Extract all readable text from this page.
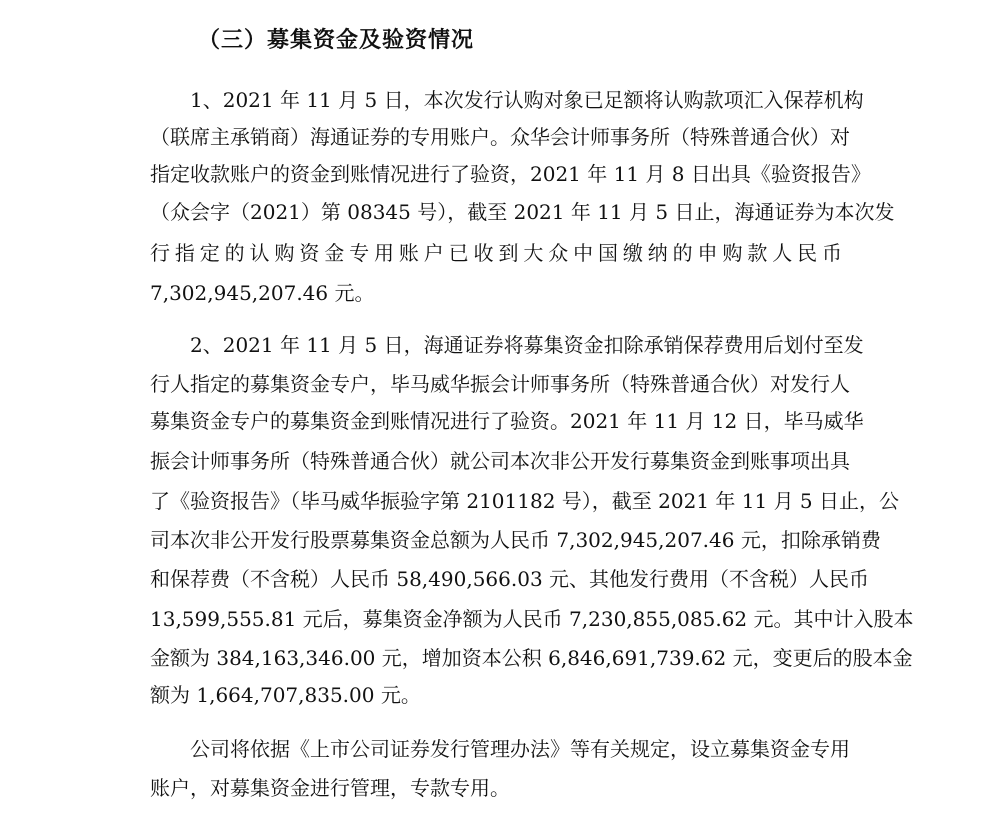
（三）募集资金及验资情况
1、2021 年 11 月 5 日，本次发行认购对象已足额将认购款项汇入保荐机构
（联席主承销商）海通证券的专用账户。众华会计师事务所（特殊普通合伙）对
指定收款账户的资金到账情况进行了验资，2021 年 11 月 8 日出具《验资报告》
（众会字（2021）第 08345 号），截至 2021 年 11 月 5 日止，海通证券为本次发
行指定的认购资金专用账户已收到大众中国缴纳的申购款人民币
7,302,945,207.46 元。
2、2021 年 11 月 5 日，海通证券将募集资金扣除承销保荐费用后划付至发
行人指定的募集资金专户，毕马威华振会计师事务所（特殊普通合伙）对发行人
募集资金专户的募集资金到账情况进行了验资。2021 年 11 月 12 日，毕马威华
振会计师事务所（特殊普通合伙）就公司本次非公开发行募集资金到账事项出具
了《验资报告》（毕马威华振验字第 2101182 号），截至 2021 年 11 月 5 日止，公
司本次非公开发行股票募集资金总额为人民币 7,302,945,207.46 元，扣除承销费
和保荐费（不含税）人民币 58,490,566.03 元、其他发行费用（不含税）人民币
13,599,555.81 元后，募集资金净额为人民币 7,230,855,085.62 元。其中计入股本
金额为 384,163,346.00 元，增加资本公积 6,846,691,739.62 元，变更后的股本金
额为 1,664,707,835.00 元。
公司将依据《上市公司证券发行管理办法》等有关规定，设立募集资金专用
账户，对募集资金进行管理，专款专用。
